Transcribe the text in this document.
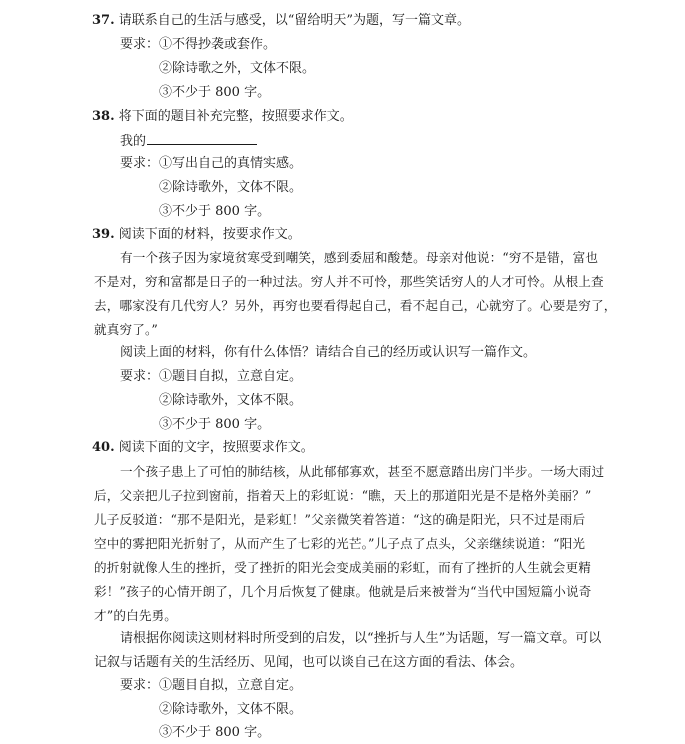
37. 请联系自己的生活与感受，以“留给明天”为题，写一篇文章。
要求：①不得抄袭或套作。
②除诗歌之外，文体不限。
③不少于 800 字。
38. 将下面的题目补充完整，按照要求作文。
我的
要求：①写出自己的真情实感。
②除诗歌外，文体不限。
③不少于 800 字。
39. 阅读下面的材料，按要求作文。
有一个孩子因为家境贫寒受到嘲笑，感到委屈和酸楚。母亲对他说：“穷不是错，富也
不是对，穷和富都是日子的一种过法。穷人并不可怜，那些笑话穷人的人才可怜。从根上查
去，哪家没有几代穷人？另外，再穷也要看得起自己，看不起自己，心就穷了。心要是穷了，
就真穷了。”
阅读上面的材料，你有什么体悟？请结合自己的经历或认识写一篇作文。
要求：①题目自拟，立意自定。
②除诗歌外，文体不限。
③不少于 800 字。
40. 阅读下面的文字，按照要求作文。
一个孩子患上了可怕的肺结核，从此郁郁寡欢，甚至不愿意踏出房门半步。一场大雨过
后，父亲把儿子拉到窗前，指着天上的彩虹说：“瞧，天上的那道阳光是不是格外美丽？”
儿子反驳道：“那不是阳光，是彩虹！”父亲微笑着答道：“这的确是阳光，只不过是雨后
空中的雾把阳光折射了，从而产生了七彩的光芒。”儿子点了点头，父亲继续说道：“阳光
的折射就像人生的挫折，受了挫折的阳光会变成美丽的彩虹，而有了挫折的人生就会更精
彩！”孩子的心情开朗了，几个月后恢复了健康。他就是后来被誉为“当代中国短篇小说奇
才”的白先勇。
请根据你阅读这则材料时所受到的启发，以“挫折与人生”为话题，写一篇文章。可以
记叙与话题有关的生活经历、见闻，也可以谈自己在这方面的看法、体会。
要求：①题目自拟，立意自定。
②除诗歌外，文体不限。
③不少于 800 字。
